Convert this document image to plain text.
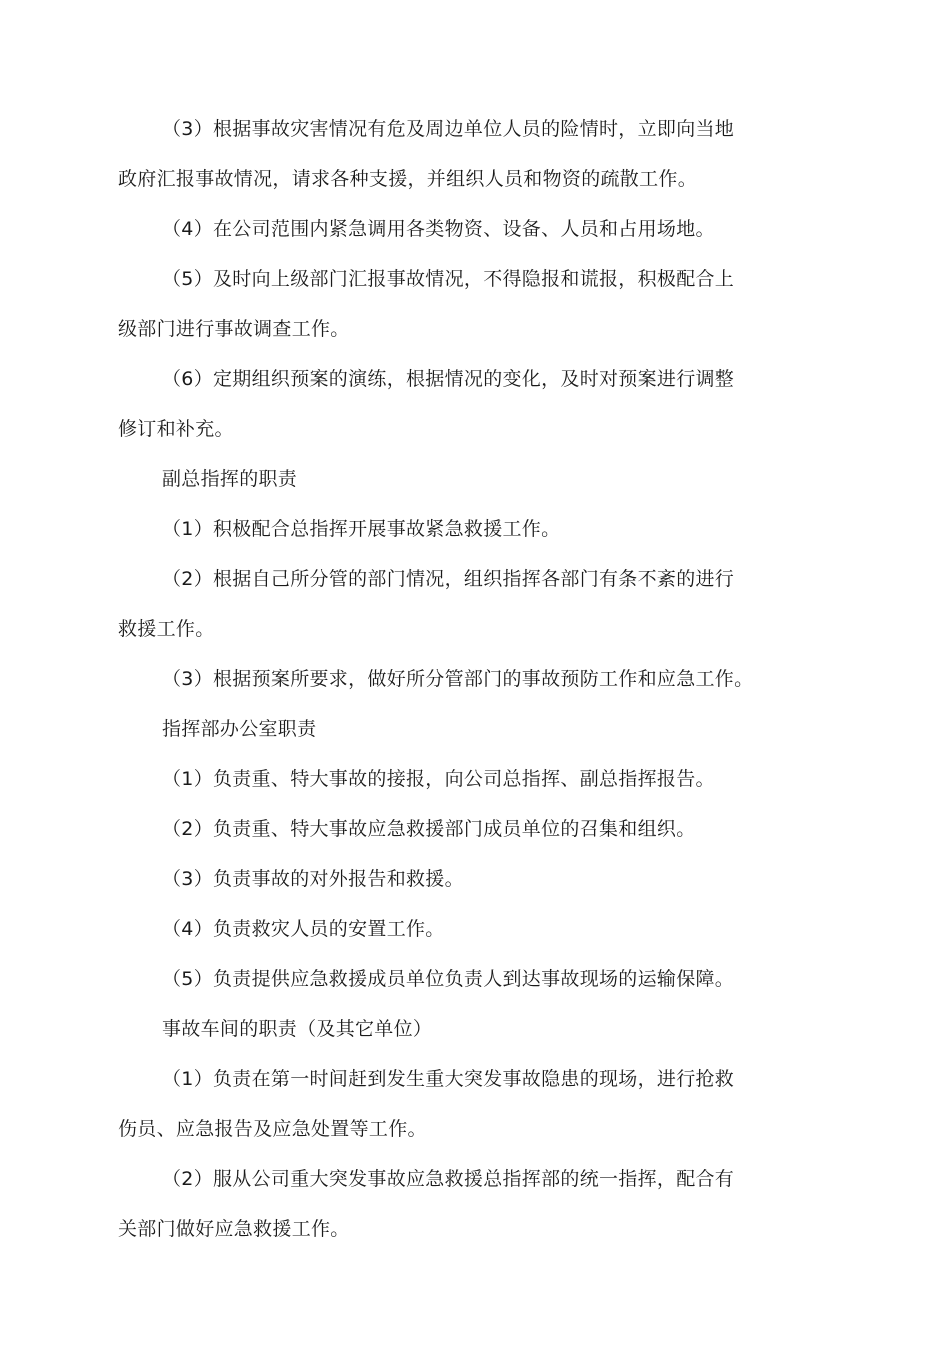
（3）根据事故灾害情况有危及周边单位人员的险情时，立即向当地
政府汇报事故情况，请求各种支援，并组织人员和物资的疏散工作。
（4）在公司范围内紧急调用各类物资、设备、人员和占用场地。
（5）及时向上级部门汇报事故情况，不得隐报和谎报，积极配合上
级部门进行事故调查工作。
（6）定期组织预案的演练，根据情况的变化，及时对预案进行调整
修订和补充。
副总指挥的职责
（1）积极配合总指挥开展事故紧急救援工作。
（2）根据自己所分管的部门情况，组织指挥各部门有条不紊的进行
救援工作。
（3）根据预案所要求，做好所分管部门的事故预防工作和应急工作。
指挥部办公室职责
（1）负责重、特大事故的接报，向公司总指挥、副总指挥报告。
（2）负责重、特大事故应急救援部门成员单位的召集和组织。
（3）负责事故的对外报告和救援。
（4）负责救灾人员的安置工作。
（5）负责提供应急救援成员单位负责人到达事故现场的运输保障。
事故车间的职责（及其它单位）
（1）负责在第一时间赶到发生重大突发事故隐患的现场，进行抢救
伤员、应急报告及应急处置等工作。
（2）服从公司重大突发事故应急救援总指挥部的统一指挥，配合有
关部门做好应急救援工作。
